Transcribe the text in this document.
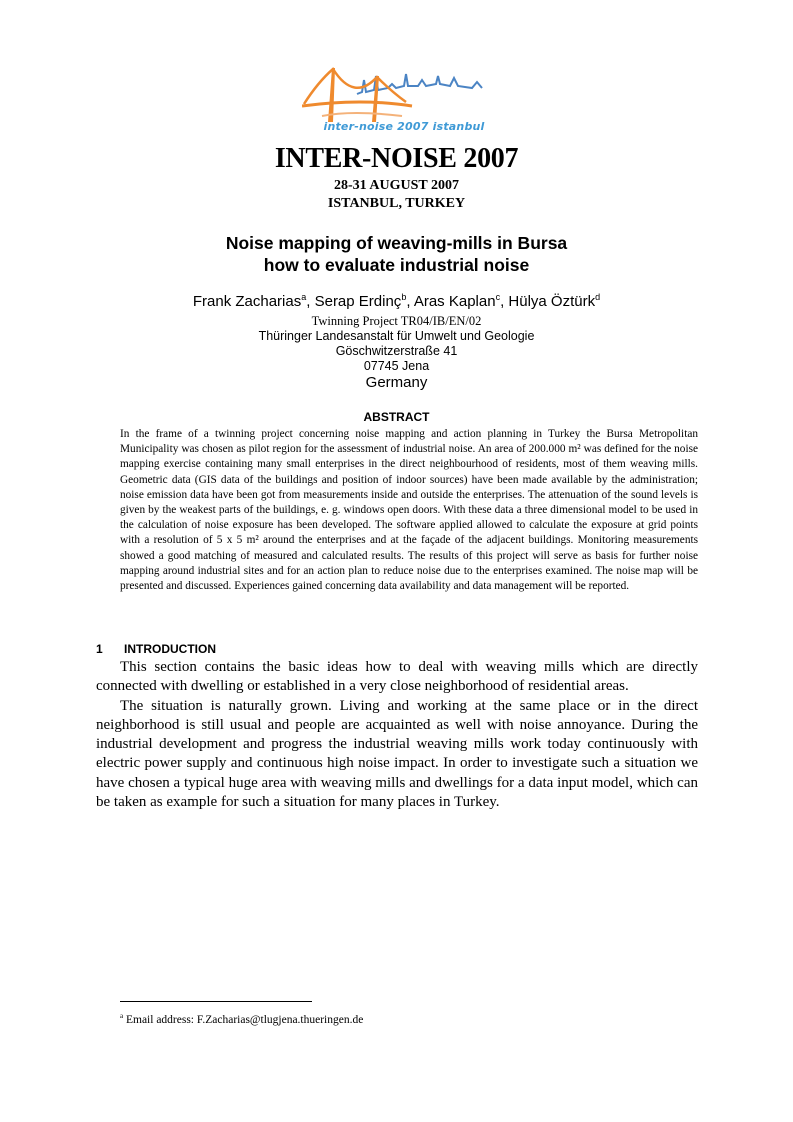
inter-noise 2007 istanbul
INTER-NOISE 2007
28-31 AUGUST 2007
ISTANBUL, TURKEY
Noise mapping of weaving-mills in Bursa
how to evaluate industrial noise
Frank Zacharias$^a$, Serap Erdinç$^b$, Aras Kaplan$^c$, Hülya Öztürk$^d$
Twinning Project TR04/IB/EN/02
Thüringer Landesanstalt für Umwelt und Geologie
Göschwitzerstraße 41
07745 Jena
Germany
ABSTRACT
In the frame of a twinning project concerning noise mapping and action planning in Turkey the Bursa Metropolitan Municipality was chosen as pilot region for the assessment of industrial noise. An area of 200.000 m² was defined for the noise mapping exercise containing many small enterprises in the direct neighbourhood of residents, most of them weaving mills. Geometric data (GIS data of the buildings and position of indoor sources) have been made available by the administration; noise emission data have been got from measurements inside and outside the enterprises. The attenuation of the sound levels is given by the weakest parts of the buildings, e. g. windows open doors. With these data a three dimensional model to be used in the calculation of noise exposure has been developed. The software applied allowed to calculate the exposure at grid points with a resolution of 5 x 5 m² around the enterprises and at the façade of the adjacent buildings. Monitoring measurements showed a good matching of measured and calculated results. The results of this project will serve as basis for further noise mapping around industrial sites and for an action plan to reduce noise due to the enterprises examined. The noise map will be presented and discussed. Experiences gained concerning data availability and data management will be reported.
1 INTRODUCTION

This section contains the basic ideas how to deal with weaving mills which are directly connected with dwelling or established in a very close neighborhood of residential areas.

The situation is naturally grown. Living and working at the same place or in the direct neighborhood is still usual and people are acquainted as well with noise annoyance. During the industrial development and progress the industrial weaving mills work today continuously with electric power supply and continuous high noise impact. In order to investigate such a situation we have chosen a typical huge area with weaving mills and dwellings for a data input model, which can be taken as example for such a situation for many places in Turkey.

$^a$ Email address: F.Zacharias@tlugjena.thueringen.de
